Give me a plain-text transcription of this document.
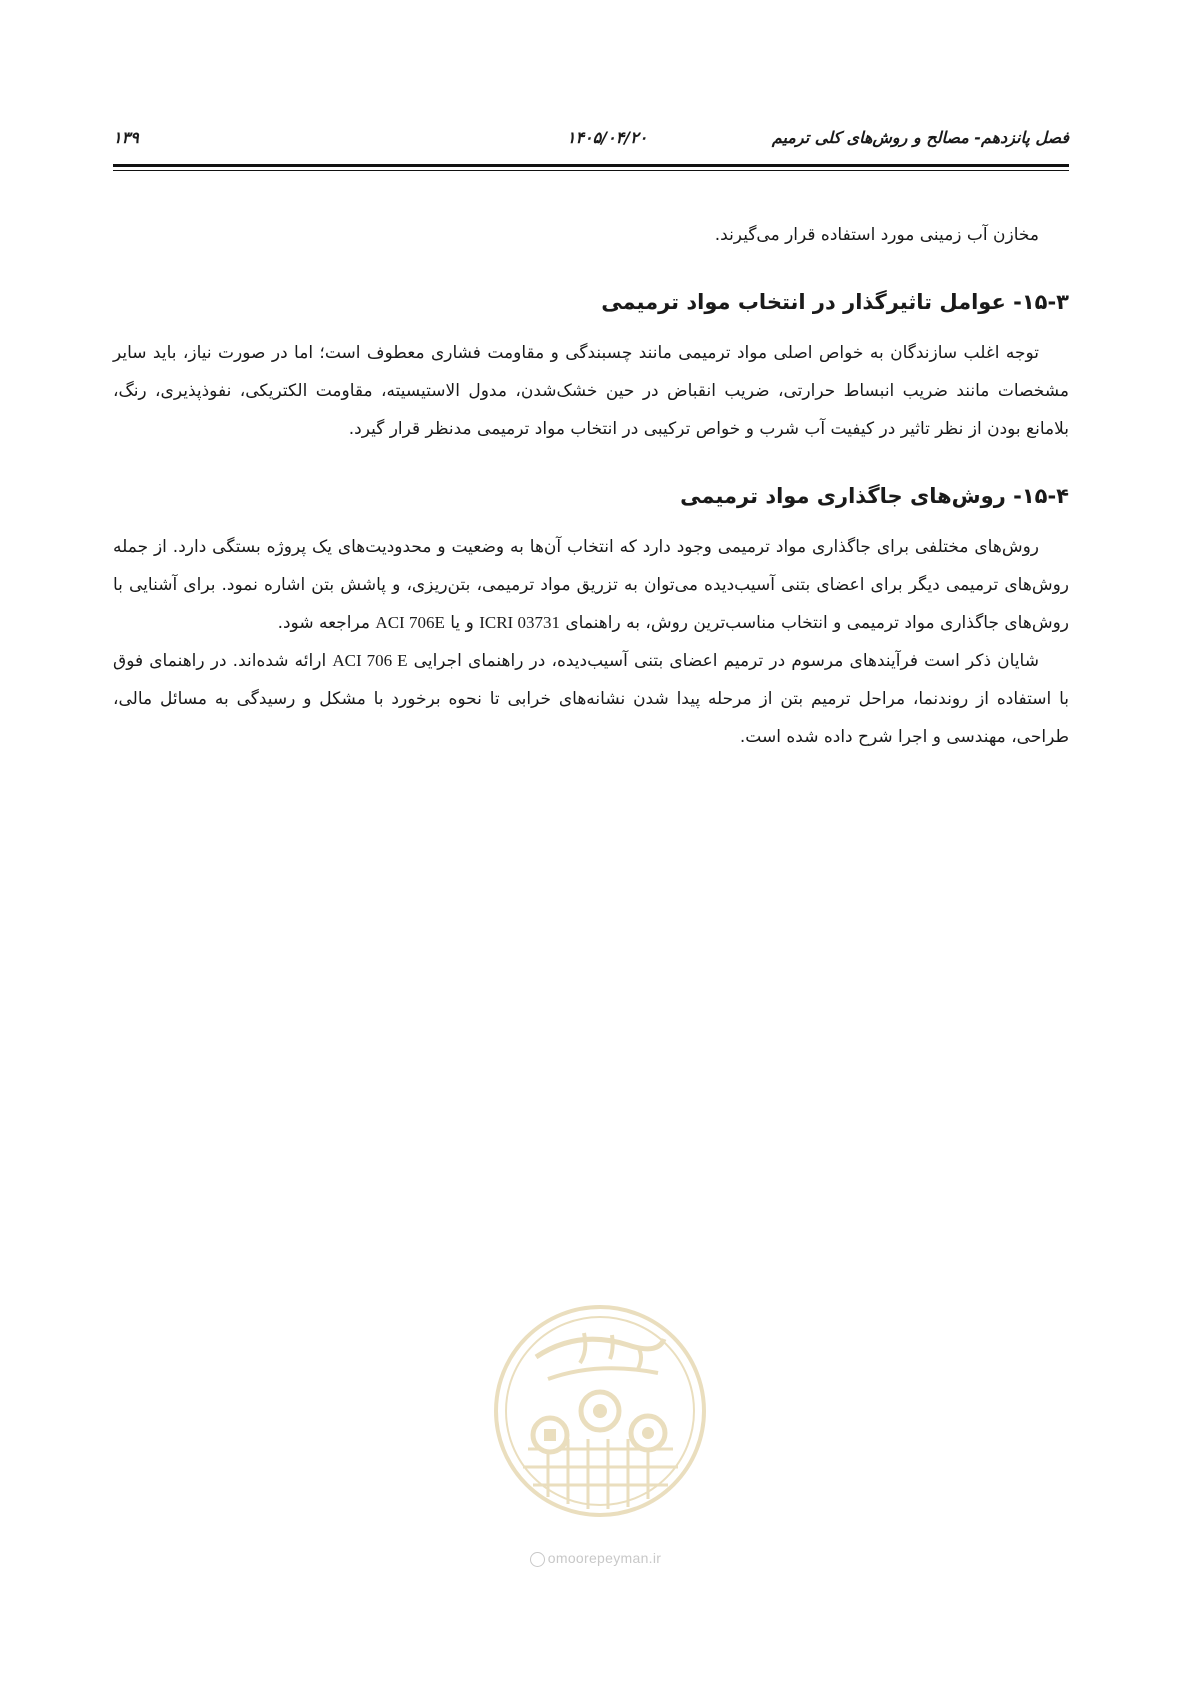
فصل پانزدهم- مصالح و روش‌های کلی ترمیم
۱۴۰۵/۰۴/۲۰
۱۳۹

مخازن آب زمینی مورد استفاده قرار می‌گیرند.

۱۵-۳- عوامل تاثیرگذار در انتخاب مواد ترمیمی

توجه اغلب سازندگان به خواص اصلی مواد ترمیمی مانند چسبندگی و مقاومت فشاری معطوف است؛ اما در صورت نیاز، باید سایر مشخصات مانند ضریب انبساط حرارتی، ضریب انقباض در حین خشک‌شدن، مدول الاستیسیته، مقاومت الکتریکی، نفوذپذیری، رنگ، بلامانع بودن از نظر تاثیر در کیفیت آب شرب و خواص ترکیبی در انتخاب مواد ترمیمی مدنظر قرار گیرد.

۱۵-۴- روش‌های جاگذاری مواد ترمیمی

روش‌های مختلفی برای جاگذاری مواد ترمیمی وجود دارد که انتخاب آن‌ها به وضعیت و محدودیت‌های یک پروژه بستگی دارد. از جمله روش‌های ترمیمی دیگر برای اعضای بتنی آسیب‌دیده می‌توان به تزریق مواد ترمیمی، بتن‌ریزی، و پاشش بتن اشاره نمود. برای آشنایی با روش‌های جاگذاری مواد ترمیمی و انتخاب مناسب‌ترین روش، به راهنمای ICRI 03731 و یا ACI 706E مراجعه شود.

شایان ذکر است فرآیندهای مرسوم در ترمیم اعضای بتنی آسیب‌دیده، در راهنمای اجرایی ACI 706 E ارائه شده‌اند. در راهنمای فوق با استفاده از روندنما، مراحل ترمیم بتن از مرحله پیدا شدن نشانه‌های خرابی تا نحوه برخورد با مشکل و رسیدگی به مسائل مالی، طراحی، مهندسی و اجرا شرح داده شده است.

omoorepeyman.ir
